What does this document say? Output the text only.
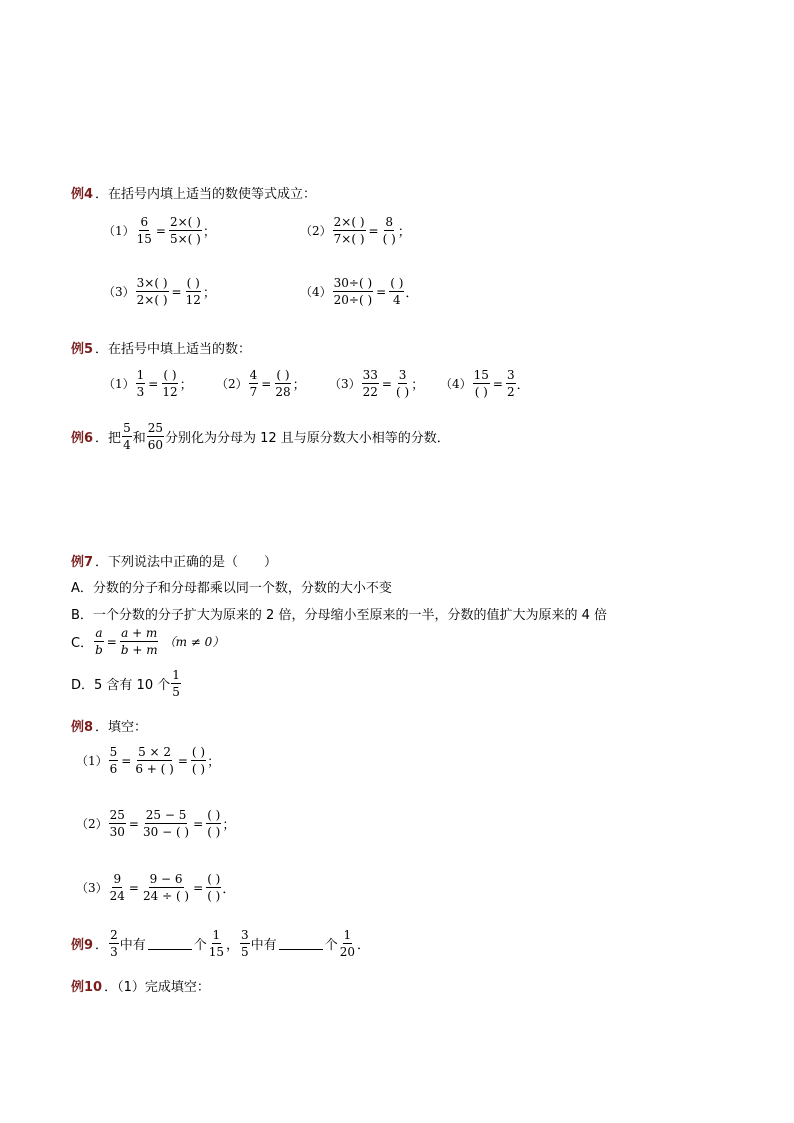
例4 ．在括号内填上适当的数使等式成立：
$(1) \frac{6}{15} = \frac{2\times( )}{5\times( )}$ ；	$(2) \frac{2\times( )}{7\times( )}$ =
8
( ) ；
$(3) \frac{3\times( )}{2\times( )}$ =
( )
12 ；	$(4) \frac{30\div( )}{20\div( )}$ =
( )
4 ．
例5 ．在括号中填上适当的数：
$(1) \frac{1}{3}$ =
( )
12 ； $(2) \frac{4}{7}$ =
( )
28 ； $(3) \frac{33}{22}$ =
3
( ) ； （4）
15
( )
= $\frac{3}{2}$ ．
例6 ．把 $\frac{5}{4}$ 和 $\frac{25}{60}$ 分别化为分母为 12 且与原分数大小相等的分数．
例7 ．下列说法中正确的是（　　）
A．分数的分子和分母都乘以同一个数，分数的大小不变
B．一个分数的分子扩大为原来的 2 倍，分母缩小至原来的一半，分数的值扩大为原来的 4 倍
C． $\frac{a}{b} = \frac{a + m}{b + m} (m \ne 0)$
D．5 含有 10 个 $\frac{1}{5}$
例8 ．填空：
$(1) \frac{5}{6} = \frac{5 \times 2}{6 + ( )}$ =
( )
( ) ；
$(2) \frac{25}{30} = \frac{25 - 5}{30 - ( )}$ =
( )
( ) ；
$(3) \frac{9}{24} = \frac{9 - 6}{24 \div ( )}$ =
( )
( ) ．
例9 ． $\frac{2}{3}$ 中有	个 $\frac{1}{15}$ ， $\frac{3}{5}$ 中有	个 $\frac{1}{20}$ ．
例10 ．（1）完成填空：
